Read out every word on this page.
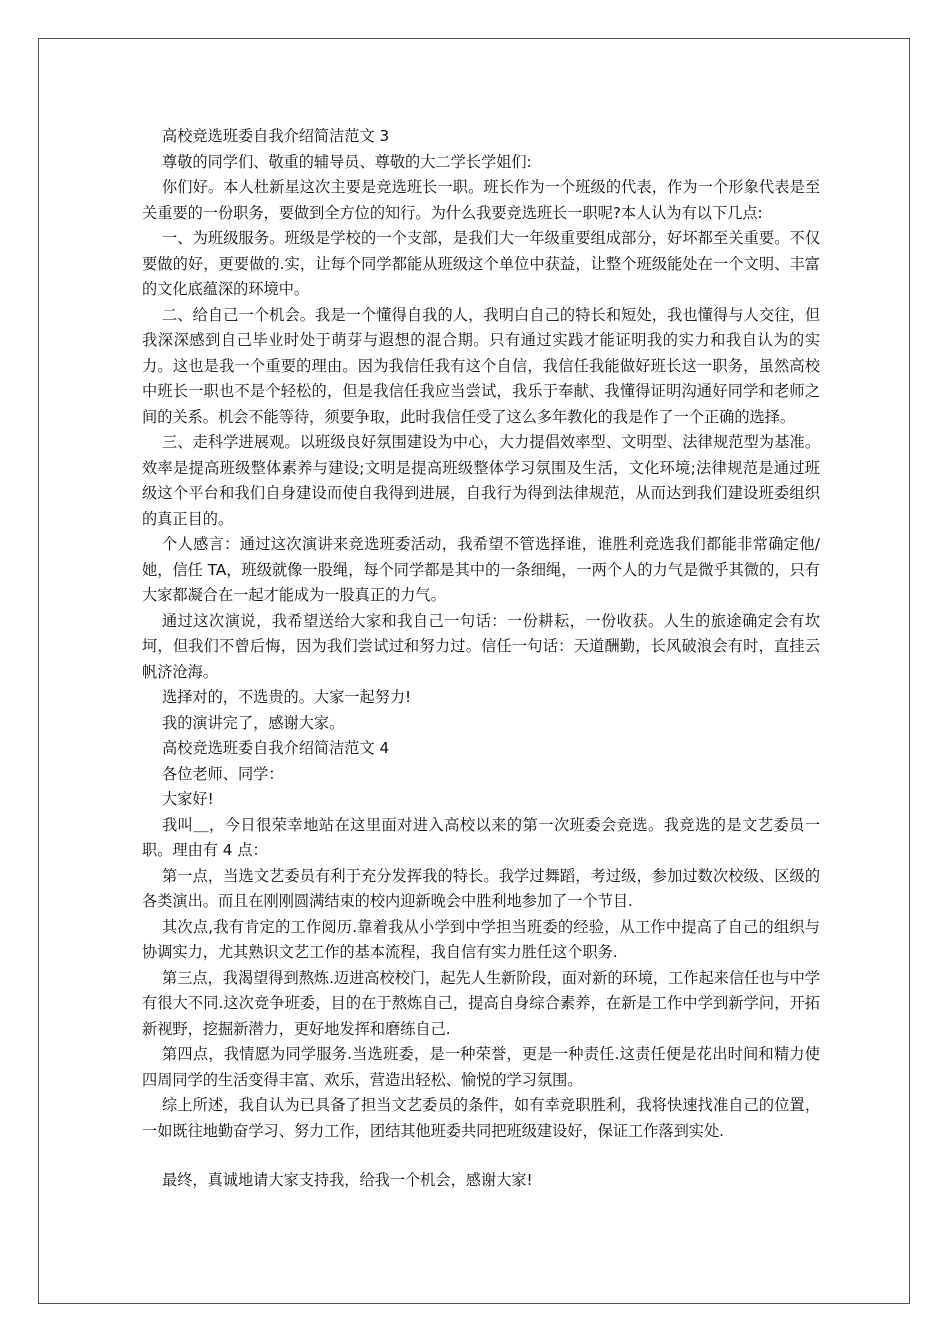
高校竞选班委自我介绍简洁范文 3

尊敬的同学们、敬重的辅导员、尊敬的大二学长学姐们:

你们好。本人杜新星这次主要是竞选班长一职。班长作为一个班级的代表，作为一个形象代表是至关重要的一份职务，要做到全方位的知行。为什么我要竞选班长一职呢?本人认为有以下几点:

一、为班级服务。班级是学校的一个支部，是我们大一年级重要组成部分，好坏都至关重要。不仅要做的好，更要做的.实，让每个同学都能从班级这个单位中获益，让整个班级能处在一个文明、丰富的文化底蕴深的环境中。

二、给自己一个机会。我是一个懂得自我的人，我明白自己的特长和短处，我也懂得与人交往，但我深深感到自己毕业时处于萌芽与遐想的混合期。只有通过实践才能证明我的实力和我自认为的实力。这也是我一个重要的理由。因为我信任我有这个自信，我信任我能做好班长这一职务，虽然高校中班长一职也不是个轻松的，但是我信任我应当尝试，我乐于奉献、我懂得证明沟通好同学和老师之间的关系。机会不能等待，须要争取，此时我信任受了这么多年教化的我是作了一个正确的选择。

三、走科学进展观。以班级良好氛围建设为中心，大力提倡效率型、文明型、法律规范型为基准。效率是提高班级整体素养与建设;文明是提高班级整体学习氛围及生活，文化环境;法律规范是通过班级这个平台和我们自身建设而使自我得到进展，自我行为得到法律规范，从而达到我们建设班委组织的真正目的。

个人感言：通过这次演讲来竞选班委活动，我希望不管选择谁，谁胜利竞选我们都能非常确定他/她，信任 TA，班级就像一股绳，每个同学都是其中的一条细绳，一两个人的力气是微乎其微的，只有大家都凝合在一起才能成为一股真正的力气。

通过这次演说，我希望送给大家和我自己一句话：一份耕耘，一份收获。人生的旅途确定会有坎坷，但我们不曾后悔，因为我们尝试过和努力过。信任一句话：天道酬勤，长风破浪会有时，直挂云帆济沧海。

选择对的，不选贵的。大家一起努力!

我的演讲完了，感谢大家。

高校竞选班委自我介绍简洁范文 4

各位老师、同学：

大家好!

我叫＿，今日很荣幸地站在这里面对进入高校以来的第一次班委会竞选。我竞选的是文艺委员一职。理由有 4 点：

第一点，当选文艺委员有利于充分发挥我的特长。我学过舞蹈，考过级，参加过数次校级、区级的各类演出。而且在刚刚圆满结束的校内迎新晚会中胜利地参加了一个节目.

其次点,我有肯定的工作阅历.靠着我从小学到中学担当班委的经验，从工作中提高了自己的组织与协调实力，尤其熟识文艺工作的基本流程，我自信有实力胜任这个职务.

第三点，我渴望得到熬炼.迈进高校校门，起先人生新阶段，面对新的环境，工作起来信任也与中学有很大不同.这次竞争班委，目的在于熬炼自己，提高自身综合素养，在新是工作中学到新学问，开拓新视野，挖掘新潜力，更好地发挥和磨练自己.

第四点，我情愿为同学服务.当选班委，是一种荣誉，更是一种责任.这责任便是花出时间和精力使四周同学的生活变得丰富、欢乐，营造出轻松、愉悦的学习氛围。

综上所述，我自认为已具备了担当文艺委员的条件，如有幸竞职胜利，我将快速找准自己的位置，一如既往地勤奋学习、努力工作，团结其他班委共同把班级建设好，保证工作落到实处.

最终，真诚地请大家支持我，给我一个机会，感谢大家!
